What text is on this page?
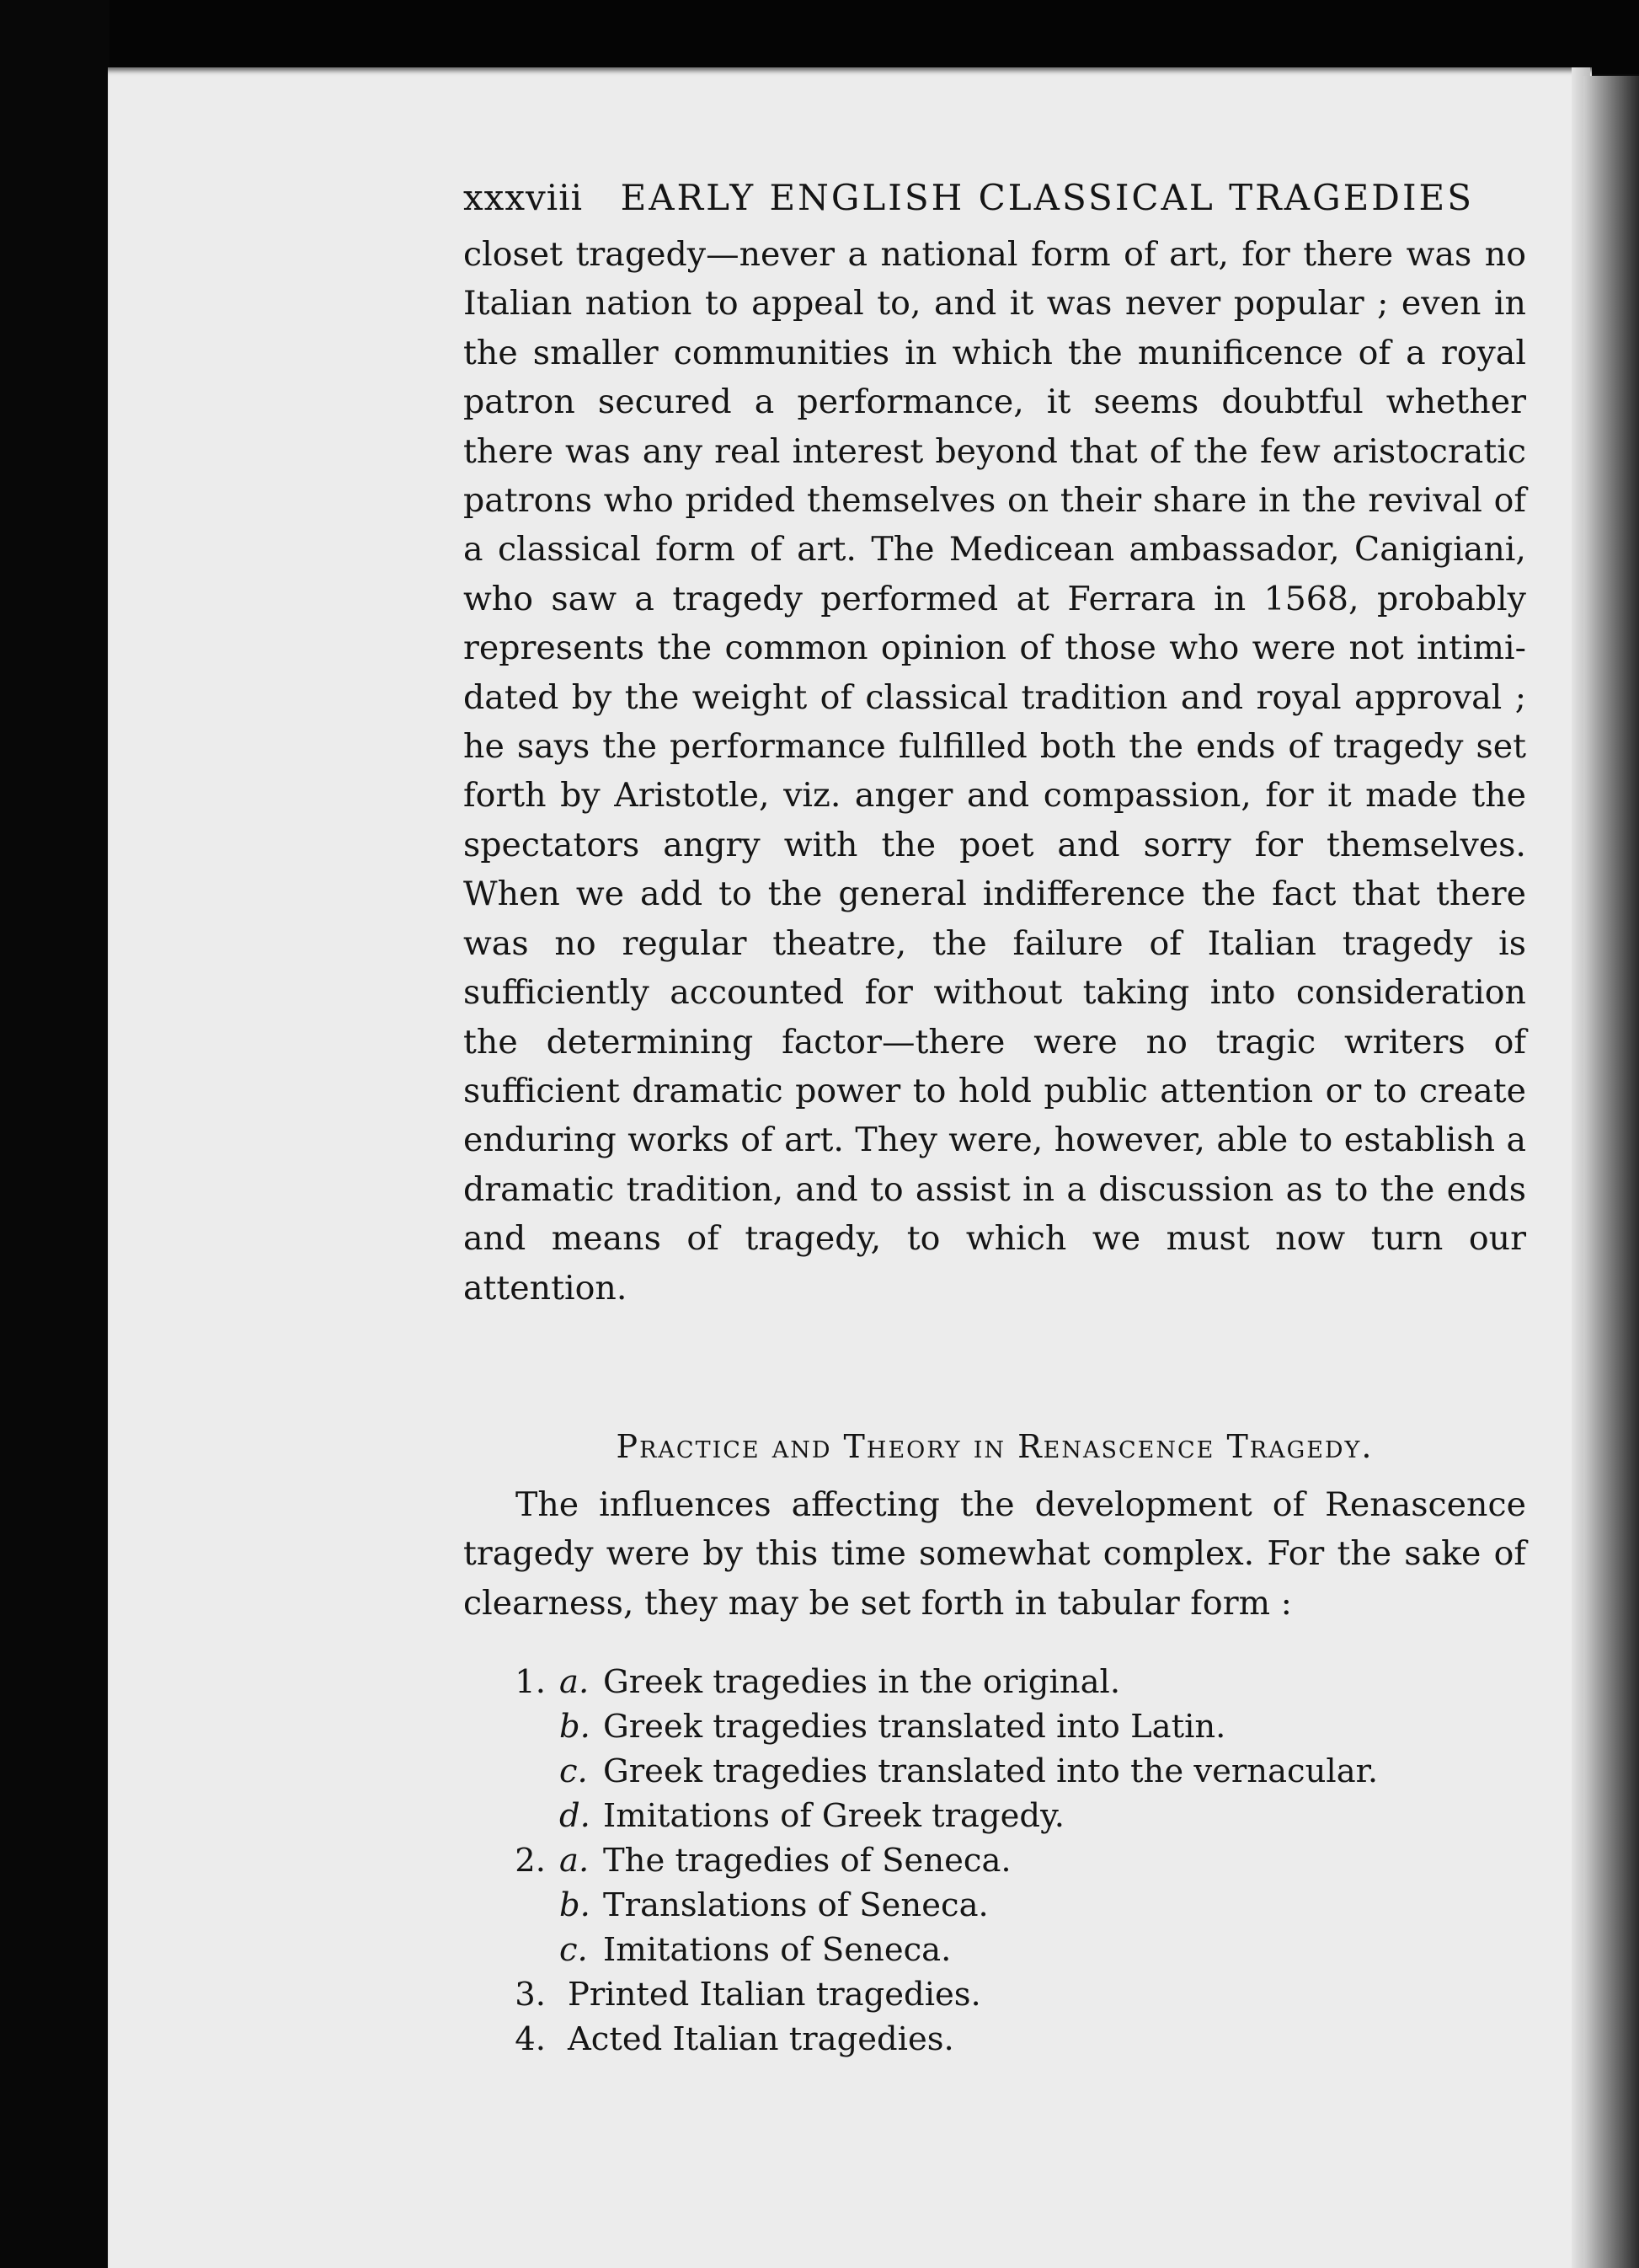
xxxviii EARLY ENGLISH CLASSICAL TRAGEDIES

closet tragedy—never a national form of art, for there was no Italian nation to appeal to, and it was never popular ; even in the smaller communities in which the munificence of a royal patron secured a performance, it seems doubtful whether there was any real interest beyond that of the few aristocratic patrons who prided themselves on their share in the revival of a classical form of art. The Medicean ambassador, Canigiani, who saw a tragedy performed at Ferrara in 1568, probably represents the common opinion of those who were not intimi-dated by the weight of classical tradition and royal approval ; he says the performance fulfilled both the ends of tragedy set forth by Aristotle, viz. anger and compassion, for it made the spectators angry with the poet and sorry for themselves. When we add to the general indifference the fact that there was no regular theatre, the failure of Italian tragedy is sufficiently accounted for without taking into consideration the determining factor—there were no tragic writers of sufficient dramatic power to hold public attention or to create enduring works of art. They were, however, able to establish a dramatic tradition, and to assist in a discussion as to the ends and means of tragedy, to which we must now turn our attention.

Practice and Theory in Renascence Tragedy.

The influences affecting the development of Renascence tragedy were by this time somewhat complex. For the sake of clearness, they may be set forth in tabular form :

1. a. Greek tragedies in the original.
b. Greek tragedies translated into Latin.
c. Greek tragedies translated into the vernacular.
d. Imitations of Greek tragedy.
2. a. The tragedies of Seneca.
b. Translations of Seneca.
c. Imitations of Seneca.
3. Printed Italian tragedies.
4. Acted Italian tragedies.
